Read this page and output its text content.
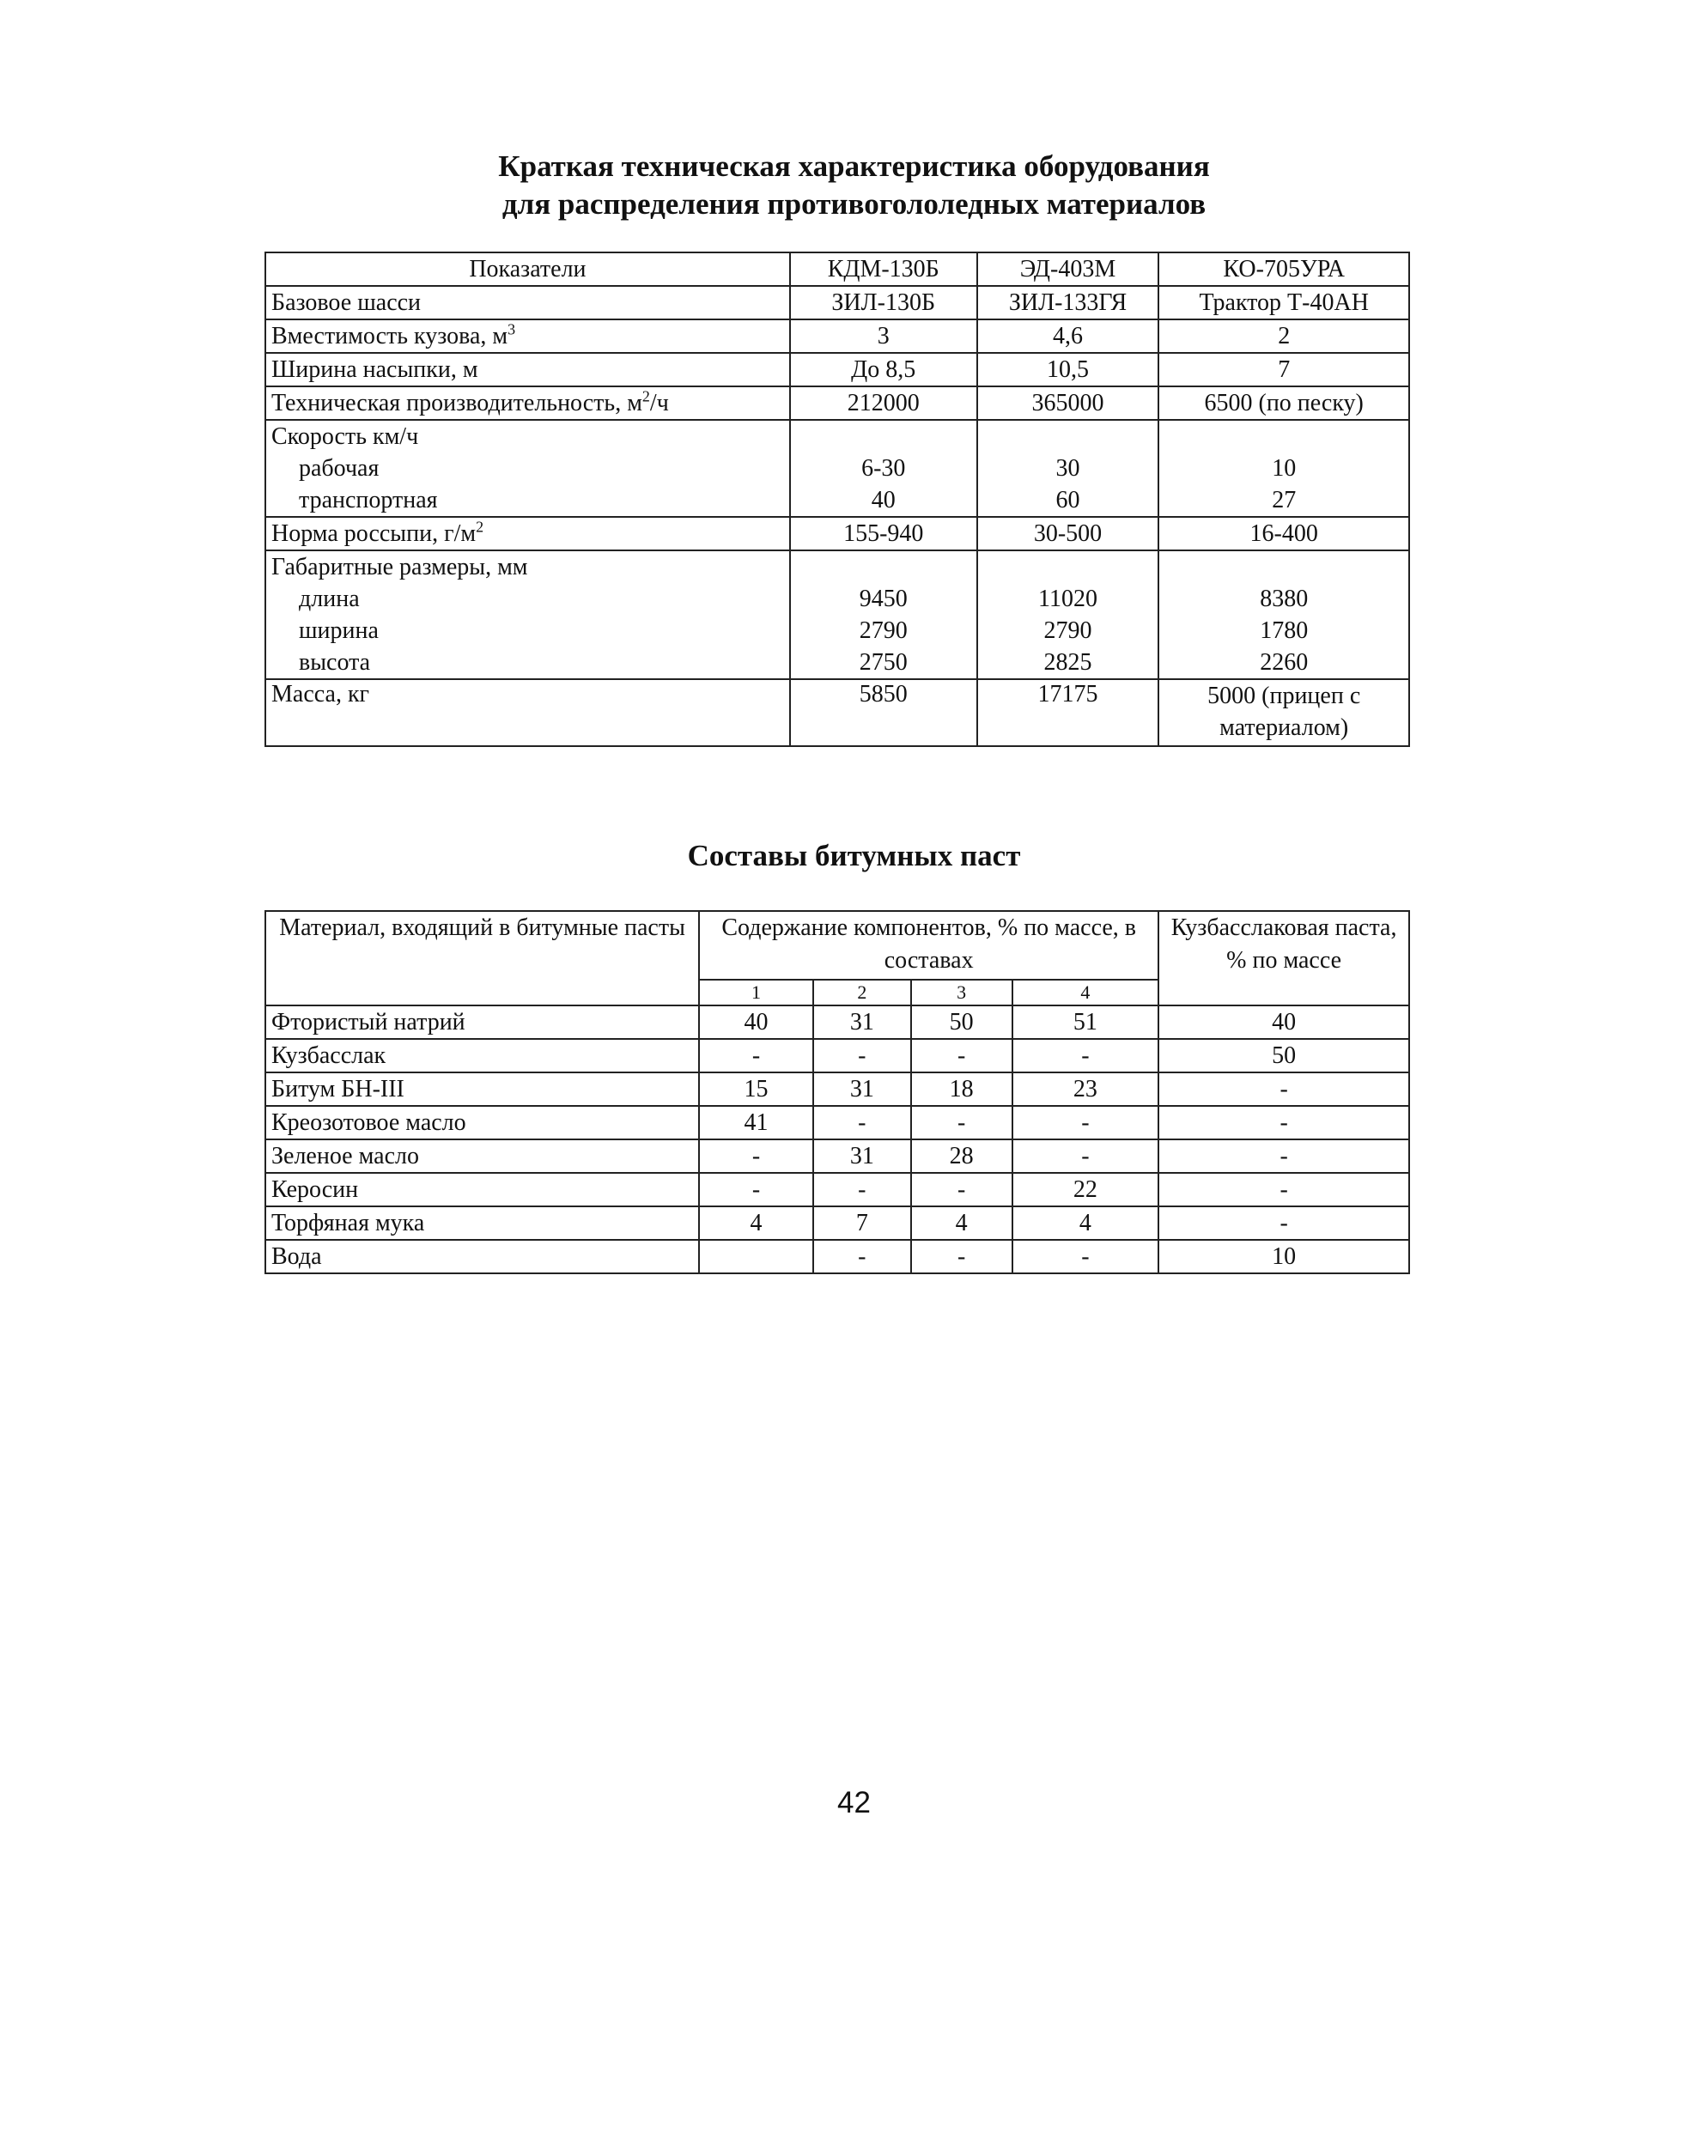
Краткая техническая характеристика оборудования
для распределения противогололедных материалов
Показатели	КДМ-130Б	ЭД-403М	КО-705УРА
Базовое шасси	ЗИЛ-130Б	ЗИЛ-133ГЯ	Трактор Т-40АН
Вместимость кузова, $м^3$	3	4,6	2
Ширина насыпки, м	До 8,5	10,5	7
Техническая производительность, $м^2/ч$	212000	365000	6500 (по песку)
Скорость км/ч			
рабочая	6-30	30	10
транспортная	40	60	27
Норма россыпи, $г/м^2$	155-940	30-500	16-400
Габаритные размеры, мм			
длина	9450	11020	8380
ширина	2790	2790	1780
высота	2750	2825	2260
Масса, кг	5850	17175	5000 (прицеп с материалом)
Составы битумных паст
Материал, входящий в битумные пасты	Содержание компонентов, % по массе, в составах				Кузбасслаковая паста, % по массе
	1	2	3	4	
Фтористый натрий	40	31	50	51	40
Кузбасслак	-	-	-	-	50
Битум БН-III	15	31	18	23	-
Креозотовое масло	41	-	-	-	-
Зеленое масло	-	31	28	-	-
Керосин	-	-	-	22	-
Торфяная мука	4	7	4	4	-
Вода		-	-	-	10
42
